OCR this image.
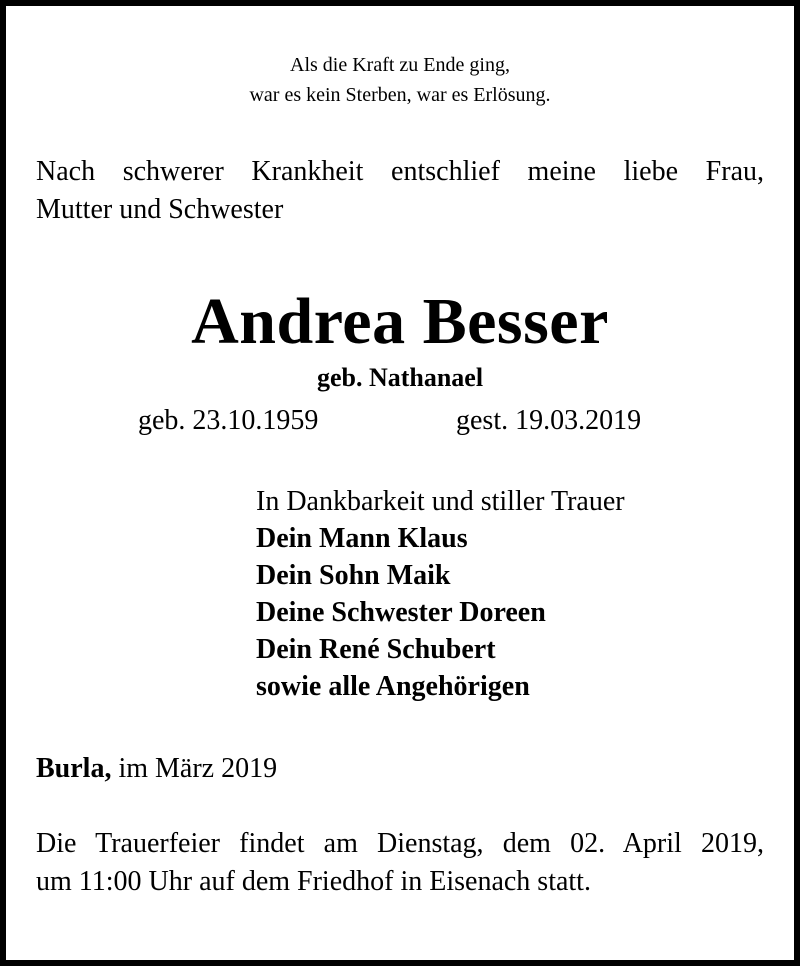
Als die Kraft zu Ende ging,
war es kein Sterben, war es Erlösung.
Nach schwerer Krankheit entschlief meine liebe Frau,
Mutter und Schwester
Andrea Besser
geb. Nathanael
geb. 23.10.1959	gest. 19.03.2019
In Dankbarkeit und stiller Trauer
Dein Mann Klaus
Dein Sohn Maik
Deine Schwester Doreen
Dein René Schubert
sowie alle Angehörigen
Burla, im März 2019
Die Trauerfeier findet am Dienstag, dem 02. April 2019,
um 11:00 Uhr auf dem Friedhof in Eisenach statt.
